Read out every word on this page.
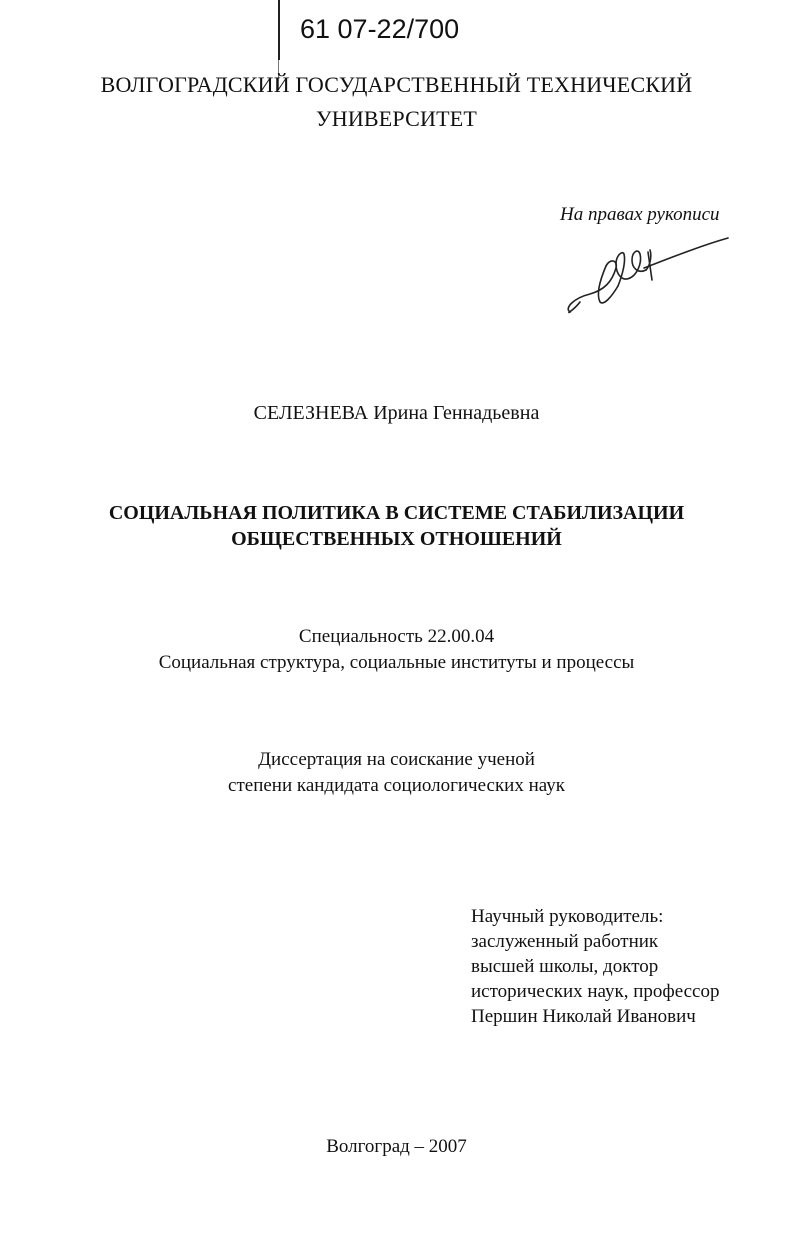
61 07-22/700
ВОЛГОГРАДСКИЙ ГОСУДАРСТВЕННЫЙ ТЕХНИЧЕСКИЙ
УНИВЕРСИТЕТ
На правах рукописи
СЕЛЕЗНЕВА Ирина Геннадьевна
СОЦИАЛЬНАЯ ПОЛИТИКА В СИСТЕМЕ СТАБИЛИЗАЦИИ
ОБЩЕСТВЕННЫХ ОТНОШЕНИЙ
Специальность 22.00.04
Социальная структура, социальные институты и процессы
Диссертация на соискание ученой
степени кандидата социологических наук
Научный руководитель:
заслуженный работник
высшей школы, доктор
исторических наук, профессор
Першин Николай Иванович
Волгоград – 2007
